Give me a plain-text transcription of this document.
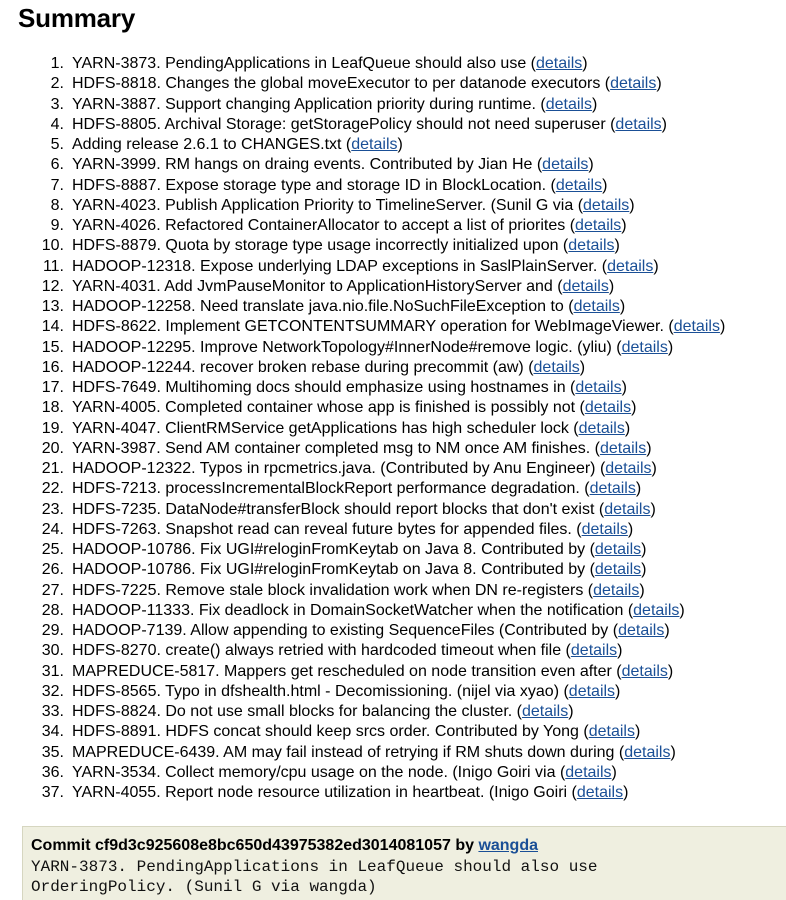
Summary
1. YARN-3873. PendingApplications in LeafQueue should also use (details)
2. HDFS-8818. Changes the global moveExecutor to per datanode executors (details)
3. YARN-3887. Support changing Application priority during runtime. (details)
4. HDFS-8805. Archival Storage: getStoragePolicy should not need superuser (details)
5. Adding release 2.6.1 to CHANGES.txt (details)
6. YARN-3999. RM hangs on draing events. Contributed by Jian He (details)
7. HDFS-8887. Expose storage type and storage ID in BlockLocation. (details)
8. YARN-4023. Publish Application Priority to TimelineServer. (Sunil G via (details)
9. YARN-4026. Refactored ContainerAllocator to accept a list of priorites (details)
10. HDFS-8879. Quota by storage type usage incorrectly initialized upon (details)
11. HADOOP-12318. Expose underlying LDAP exceptions in SaslPlainServer. (details)
12. YARN-4031. Add JvmPauseMonitor to ApplicationHistoryServer and (details)
13. HADOOP-12258. Need translate java.nio.file.NoSuchFileException to (details)
14. HDFS-8622. Implement GETCONTENTSUMMARY operation for WebImageViewer. (details)
15. HADOOP-12295. Improve NetworkTopology#InnerNode#remove logic. (yliu) (details)
16. HADOOP-12244. recover broken rebase during precommit (aw) (details)
17. HDFS-7649. Multihoming docs should emphasize using hostnames in (details)
18. YARN-4005. Completed container whose app is finished is possibly not (details)
19. YARN-4047. ClientRMService getApplications has high scheduler lock (details)
20. YARN-3987. Send AM container completed msg to NM once AM finishes. (details)
21. HADOOP-12322. Typos in rpcmetrics.java. (Contributed by Anu Engineer) (details)
22. HDFS-7213. processIncrementalBlockReport performance degradation. (details)
23. HDFS-7235. DataNode#transferBlock should report blocks that don't exist (details)
24. HDFS-7263. Snapshot read can reveal future bytes for appended files. (details)
25. HADOOP-10786. Fix UGI#reloginFromKeytab on Java 8. Contributed by (details)
26. HADOOP-10786. Fix UGI#reloginFromKeytab on Java 8. Contributed by (details)
27. HDFS-7225. Remove stale block invalidation work when DN re-registers (details)
28. HADOOP-11333. Fix deadlock in DomainSocketWatcher when the notification (details)
29. HADOOP-7139. Allow appending to existing SequenceFiles (Contributed by (details)
30. HDFS-8270. create() always retried with hardcoded timeout when file (details)
31. MAPREDUCE-5817. Mappers get rescheduled on node transition even after (details)
32. HDFS-8565. Typo in dfshealth.html - Decomissioning. (nijel via xyao) (details)
33. HDFS-8824. Do not use small blocks for balancing the cluster. (details)
34. HDFS-8891. HDFS concat should keep srcs order. Contributed by Yong (details)
35. MAPREDUCE-6439. AM may fail instead of retrying if RM shuts down during (details)
36. YARN-3534. Collect memory/cpu usage on the node. (Inigo Goiri via (details)
37. YARN-4055. Report node resource utilization in heartbeat. (Inigo Goiri (details)
Commit cf9d3c925608e8bc650d43975382ed3014081057 by wangda
YARN-3873. PendingApplications in LeafQueue should also use
OrderingPolicy. (Sunil G via wangda)
